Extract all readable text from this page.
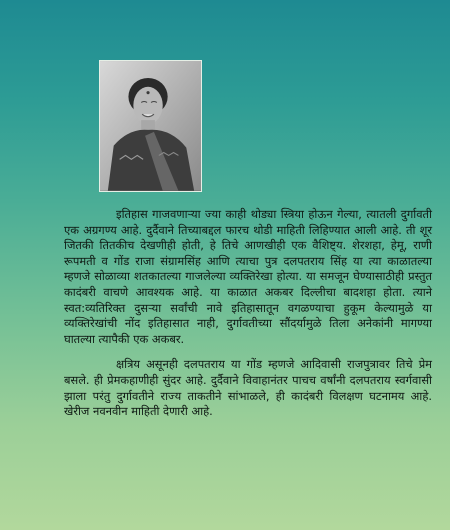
इतिहास गाजवणाऱ्या ज्या काही थोड्या स्त्रिया होऊन गेल्या, त्यातली दुर्गावती एक अग्रगण्य आहे. दुर्दैवाने तिच्याबद्दल फारच थोडी माहिती लिहिण्यात आली आहे. ती शूर जितकी तितकीच देखणीही होती, हे तिचे आणखीही एक वैशिष्ट्य. शेरशहा, हेमू, राणी रूपमती व गोंड राजा संग्रामसिंह आणि त्याचा पुत्र दलपतराय सिंह या त्या काळातल्या म्हणजे सोळाव्या शतकातल्या गाजलेल्या व्यक्तिरेखा होत्या. या समजून घेण्यासाठीही प्रस्तुत कादंबरी वाचणे आवश्यक आहे. या काळात अकबर दिल्लीचा बादशहा होता. त्याने स्वत:व्यतिरिक्त दुसऱ्या सर्वांची नावे इतिहासातून वगळण्याचा हुकूम केल्यामुळे या व्यक्तिरेखांची नोंद इतिहासात नाही, दुर्गावतीच्या सौंदर्यामुळे तिला अनेकांनी मागण्या घातल्या त्यापैकी एक अकबर.

क्षत्रिय असूनही दलपतराय या गोंड म्हणजे आदिवासी राजपुत्रावर तिचे प्रेम बसले. ही प्रेमकहाणीही सुंदर आहे. दुर्दैवाने विवाहानंतर पाचच वर्षांनी दलपतराय स्वर्गवासी झाला परंतु दुर्गावतीने राज्य ताकतीने सांभाळले, ही कादंबरी विलक्षण घटनामय आहे. खेरीज नवनवीन माहिती देणारी आहे.
